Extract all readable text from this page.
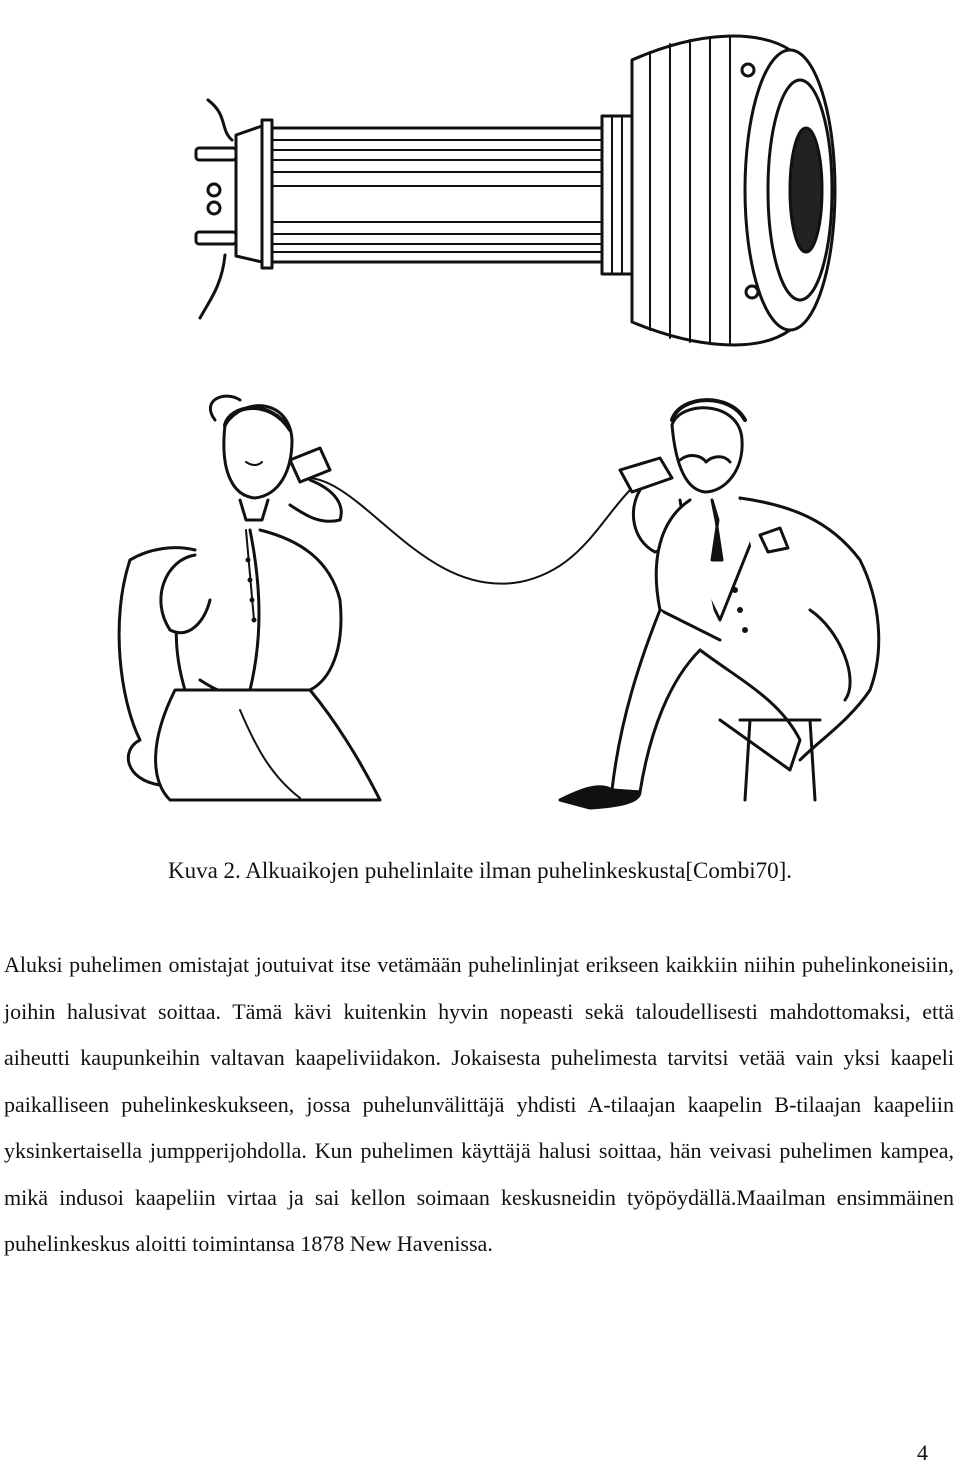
Kuva 2. Alkuaikojen puhelinlaite ilman puhelinkeskusta[Combi70].

Aluksi puhelimen omistajat joutuivat itse vetämään puhelinlinjat erikseen kaikkiin niihin puhelinkoneisiin, joihin halusivat soittaa. Tämä kävi kuitenkin hyvin nopeasti sekä taloudellisesti mahdottomaksi, että aiheutti kaupunkeihin valtavan kaapeliviidakon. Jokaisesta puhelimesta tarvitsi vetää vain yksi kaapeli paikalliseen puhelinkeskukseen, jossa puhelunvälittäjä yhdisti A-tilaajan kaapelin B-tilaajan kaapeliin yksinkertaisella jumpperijohdolla. Kun puhelimen käyttäjä halusi soittaa, hän veivasi puhelimen kampea, mikä indusoi kaapeliin virtaa ja sai kellon soimaan keskusneidin työpöydällä.Maailman ensimmäinen puhelinkeskus aloitti toimintansa 1878 New Havenissa.

4
